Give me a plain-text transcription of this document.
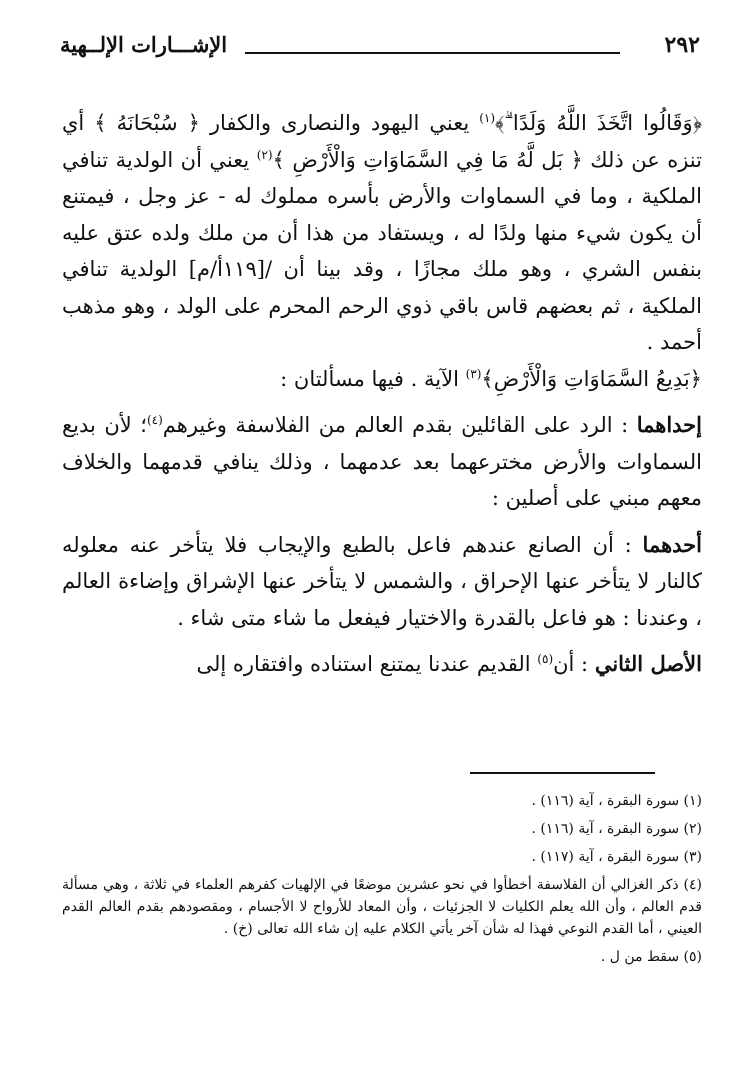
٢٩٢
الإشـــارات الإلــهية

﴿وَقَالُوا اتَّخَذَ اللَّهُ وَلَدًا ۗ﴾$^{(١)}$ يعني اليهود والنصارى والكفار ﴿ سُبْحَانَهُ ﴾ أي تنزه عن ذلك ﴿ بَل لَّهُ مَا فِي السَّمَاوَاتِ وَالْأَرْضِ ﴾$^{(٢)}$ يعني أن الولدية تنافي الملكية ، وما في السماوات والأرض بأسره مملوك له - عز وجل ، فيمتنع أن يكون شيء منها ولدًا له ، ويستفاد من هذا أن من ملك ولده عتق عليه بنفس الشري ، وهو ملك مجازًا ، وقد بينا أن /[١١٩أ/م] الولدية تنافي الملكية ، ثم بعضهم قاس باقي ذوي الرحم المحرم على الولد ، وهو مذهب أحمد .

﴿بَدِيعُ السَّمَاوَاتِ وَالْأَرْضِ﴾$^{(٣)}$ الآية . فيها مسألتان :

إحداهما : الرد على القائلين بقدم العالم من الفلاسفة وغيرهم$^{(٤)}$؛ لأن بديع السماوات والأرض مخترعهما بعد عدمهما ، وذلك ينافي قدمهما والخلاف معهم مبني على أصلين :

أحدهما : أن الصانع عندهم فاعل بالطبع والإيجاب فلا يتأخر عنه معلوله كالنار لا يتأخر عنها الإحراق ، والشمس لا يتأخر عنها الإشراق وإضاءة العالم ، وعندنا : هو فاعل بالقدرة والاختيار فيفعل ما شاء متى شاء .

الأصل الثاني : أن$^{(٥)}$ القديم عندنا يمتنع استناده وافتقاره إلى

(١) سورة البقرة ، آية (١١٦) .

(٢) سورة البقرة ، آية (١١٦) .

(٣) سورة البقرة ، آية (١١٧) .

(٤) ذكر الغزالي أن الفلاسفة أخطأوا في نحو عشرين موضعًا في الإلهيات كفرهم العلماء في ثلاثة ، وهي مسألة قدم العالم ، وأن الله يعلم الكليات لا الجزئيات ، وأن المعاد للأرواح لا الأجسام ، ومقصودهم بقدم العالم القدم العيني ، أما القدم النوعي فهذا له شأن آخر يأتي الكلام عليه إن شاء الله تعالى (خ) .

(٥) سقط من ل .
